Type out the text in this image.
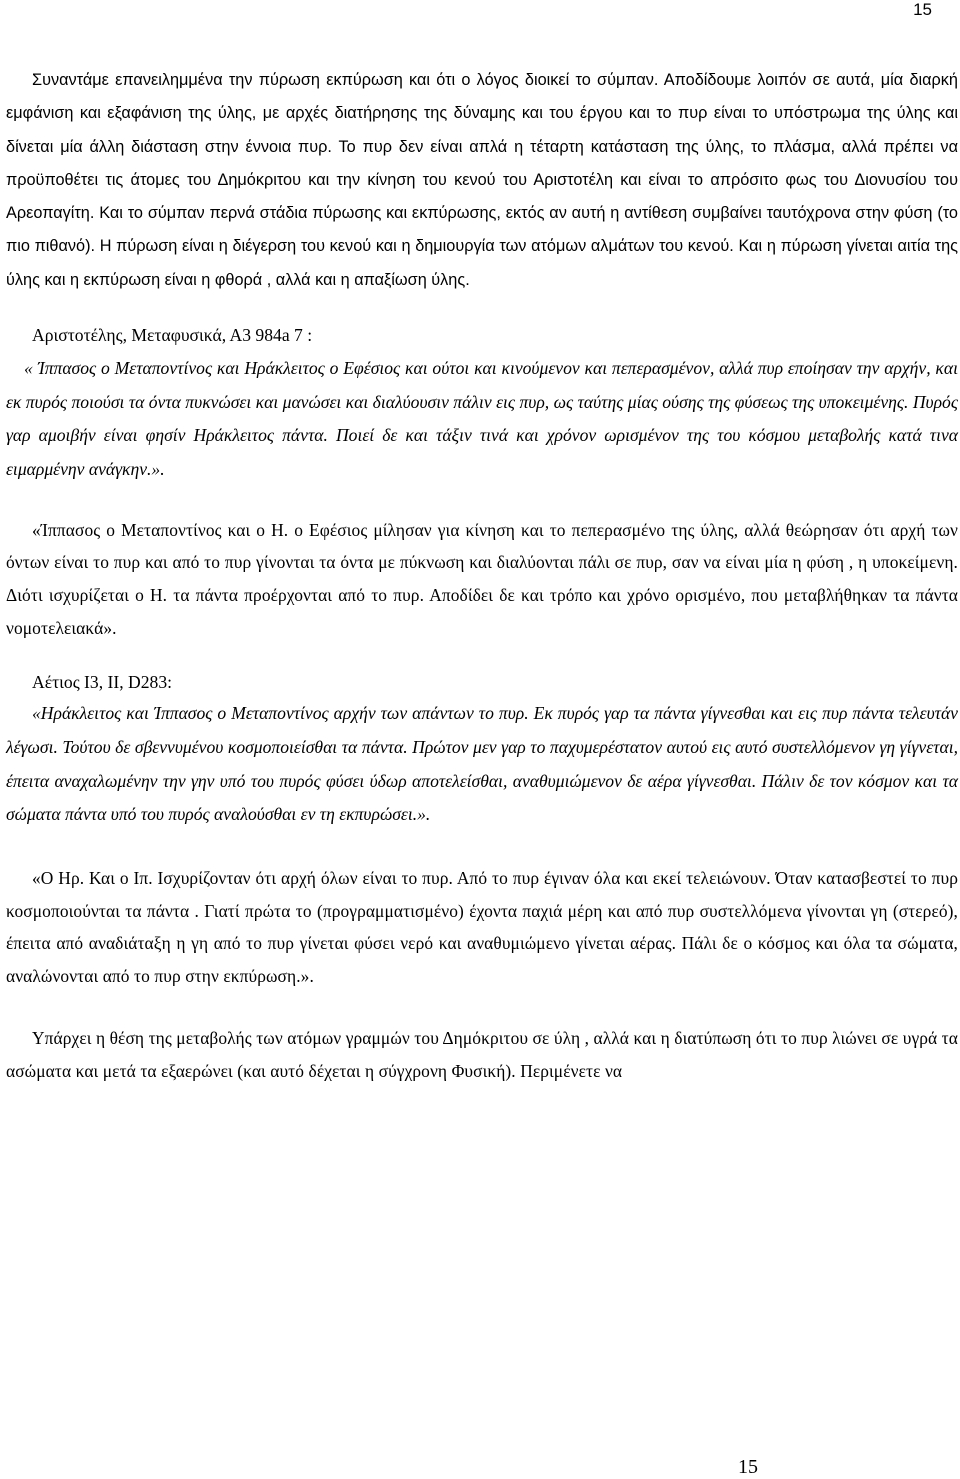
15

Συναντάμε επανειλημμένα την πύρωση εκπύρωση και ότι ο λόγος διοικεί το σύμπαν. Αποδίδουμε λοιπόν σε αυτά, μία διαρκή εμφάνιση και εξαφάνιση της ύλης, με αρχές διατήρησης της δύναμης και του έργου και το πυρ είναι το υπόστρωμα της ύλης και δίνεται μία άλλη διάσταση στην έννοια πυρ. Το πυρ δεν είναι απλά η τέταρτη κατάσταση της ύλης, το πλάσμα, αλλά πρέπει να προϋποθέτει τις άτομες του Δημόκριτου και την κίνηση του κενού του Αριστοτέλη και είναι το απρόσιτο φως του Διονυσίου του Αρεοπαγίτη. Και το σύμπαν περνά στάδια πύρωσης και εκπύρωσης, εκτός αν αυτή η αντίθεση συμβαίνει ταυτόχρονα στην φύση (το πιο πιθανό). Η πύρωση είναι η διέγερση του κενού και η δημιουργία των ατόμων αλμάτων του κενού. Και η πύρωση γίνεται αιτία της ύλης και η εκπύρωση είναι η φθορά , αλλά και η απαξίωση ύλης.

Αριστοτέλης, Μεταφυσικά, Α3 984a 7 :

« Ίππασος ο Μεταποντίνος και Ηράκλειτος ο Εφέσιος και ούτοι και κινούμενον και πεπερασμένον, αλλά πυρ εποίησαν την αρχήν, και εκ πυρός ποιούσι τα όντα πυκνώσει και μανώσει και διαλύουσιν πάλιν εις πυρ, ως ταύτης μίας ούσης της φύσεως της υποκειμένης. Πυρός γαρ αμοιβήν είναι φησίν Ηράκλειτος πάντα. Ποιεί δε και τάξιν τινά και χρόνον ωρισμένον της του κόσμου μεταβολής κατά τινα ειμαρμένην ανάγκην.».

«Ίππασος ο Μεταποντίνος και ο Η. ο Εφέσιος μίλησαν για κίνηση και το πεπερασμένο της ύλης, αλλά θεώρησαν ότι αρχή των όντων είναι το πυρ και από το πυρ γίνονται τα όντα με πύκνωση και διαλύονται πάλι σε πυρ, σαν να είναι μία η φύση , η υποκείμενη. Διότι ισχυρίζεται ο Η. τα πάντα προέρχονται από το πυρ. Αποδίδει δε και τρόπο και χρόνο ορισμένο, που μεταβλήθηκαν τα πάντα νομοτελειακά».

Αέτιος Ι3, ΙΙ, D283:

«Ηράκλειτος και Ίππασος ο Μεταποντίνος αρχήν των απάντων το πυρ. Εκ πυρός γαρ τα πάντα γίγνεσθαι και εις πυρ πάντα τελευτάν λέγωσι. Τούτου δε σβεννυμένου κοσμοποιείσθαι τα πάντα. Πρώτον μεν γαρ το παχυμερέστατον αυτού εις αυτό συστελλόμενον γη γίγνεται, έπειτα αναχαλωμένην την γην υπό του πυρός φύσει ύδωρ αποτελείσθαι, αναθυμιώμενον δε αέρα γίγνεσθαι. Πάλιν δε τον κόσμον και τα σώματα πάντα υπό του πυρός αναλούσθαι εν τη εκπυρώσει.».

«Ο Ηρ. Και ο Ιπ. Ισχυρίζονταν ότι αρχή όλων είναι το πυρ. Από το πυρ έγιναν όλα και εκεί τελειώνουν. Όταν κατασβεστεί το πυρ κοσμοποιούνται τα πάντα . Γιατί πρώτα το (προγραμματισμένο) έχοντα παχιά μέρη και από πυρ συστελλόμενα γίνονται γη (στερεό), έπειτα από αναδιάταξη η γη από το πυρ γίνεται φύσει νερό και αναθυμιώμενο γίνεται αέρας. Πάλι δε ο κόσμος και όλα τα σώματα, αναλώνονται από το πυρ στην εκπύρωση.».

Υπάρχει η θέση της μεταβολής των ατόμων γραμμών του Δημόκριτου σε ύλη , αλλά και η διατύπωση ότι το πυρ λιώνει σε υγρά τα ασώματα και μετά τα εξαερώνει (και αυτό δέχεται η σύγχρονη Φυσική). Περιμένετε να

15
